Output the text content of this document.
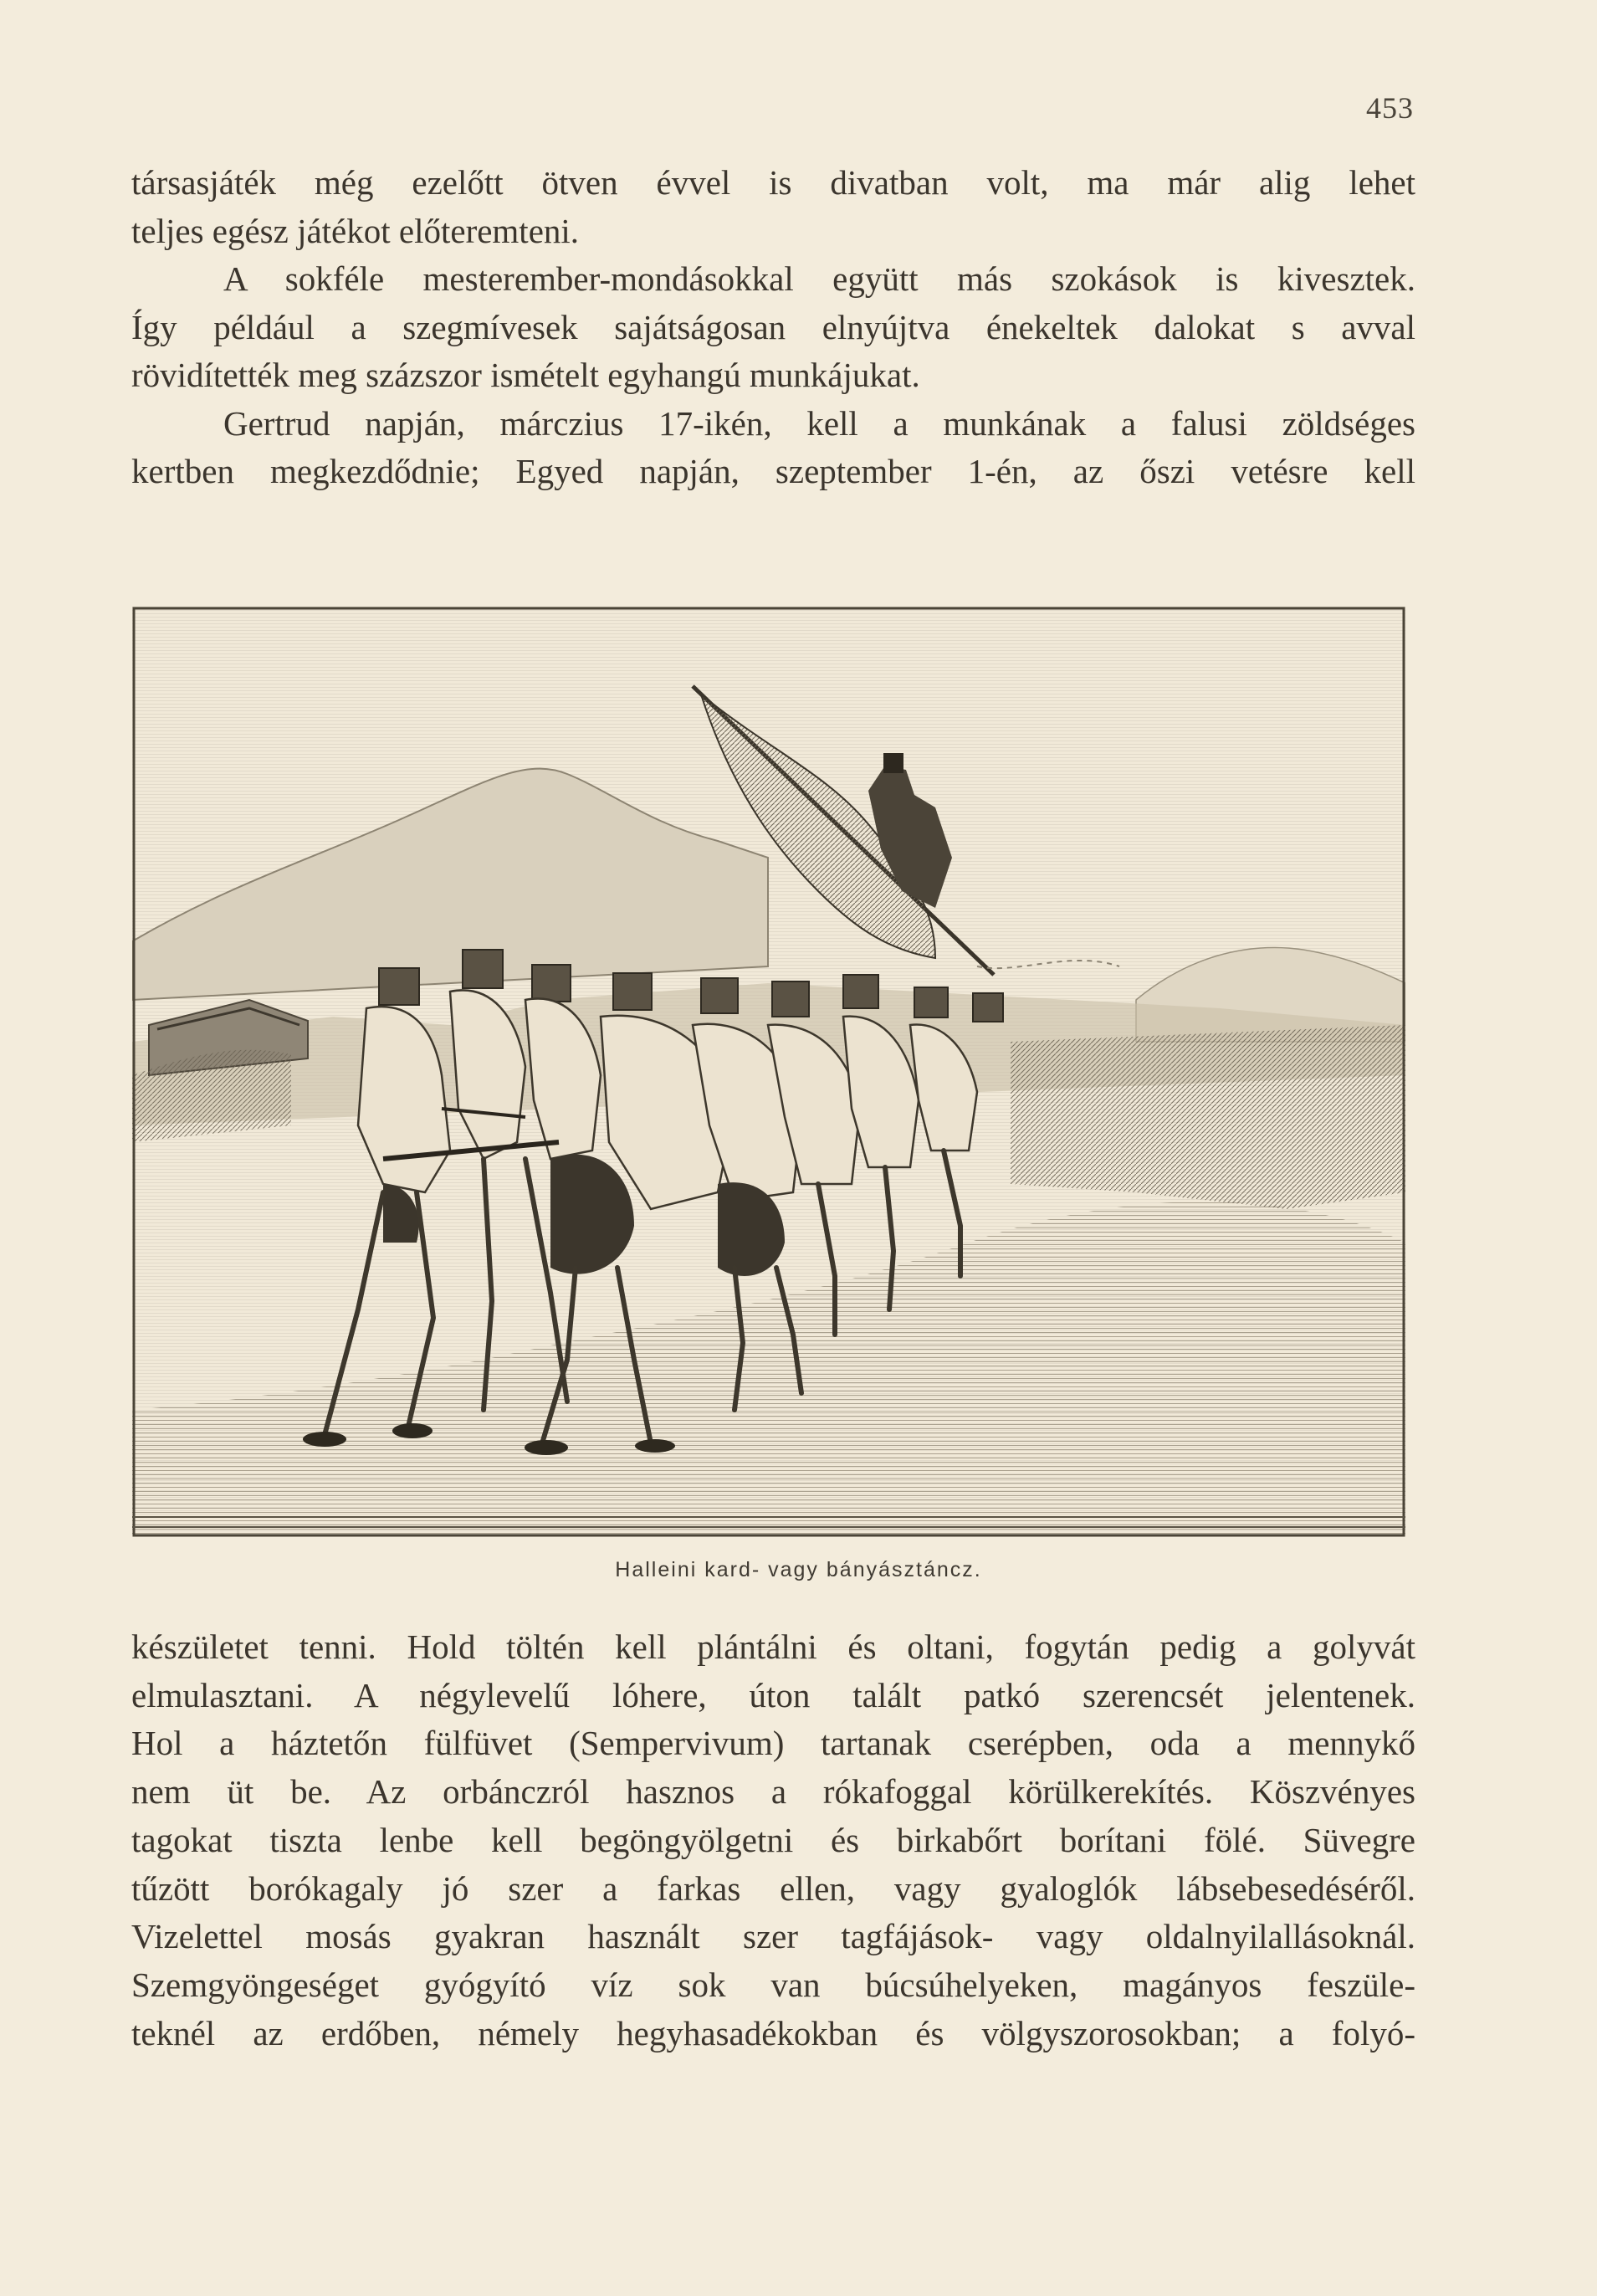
453
társasjáték még ezelőtt ötven évvel is divatban volt, ma már alig lehet
teljes egész játékot előteremteni.
A sokféle mesterember-mondásokkal együtt más szokások is kivesztek.
Így például a szegmívesek sajátságosan elnyújtva énekeltek dalokat s avval
rövidítették meg százszor ismételt egyhangú munkájukat.
Gertrud napján, márczius 17-ikén, kell a munkának a falusi zöldséges
kertben megkezdődnie; Egyed napján, szeptember 1-én, az őszi vetésre kell
Halleini kard- vagy bányásztáncz.
készületet tenni. Hold töltén kell plántálni és oltani, fogytán pedig a golyvát
elmulasztani. A négylevelű lóhere, úton talált patkó szerencsét jelentenek.
Hol a háztetőn fülfüvet (Sempervivum) tartanak cserépben, oda a mennykő
nem üt be. Az orbánczról hasznos a rókafoggal körülkerekítés. Köszvényes
tagokat tiszta lenbe kell begöngyölgetni és birkabőrt borítani fölé. Süvegre
tűzött borókagaly jó szer a farkas ellen, vagy gyaloglók lábsebesedéséről.
Vizelettel mosás gyakran használt szer tagfájások- vagy oldalnyilallásoknál.
Szemgyöngeséget gyógyító víz sok van búcsúhelyeken, magányos feszüle-
teknél az erdőben, némely hegyhasadékokban és völgyszorosokban; a folyó-
